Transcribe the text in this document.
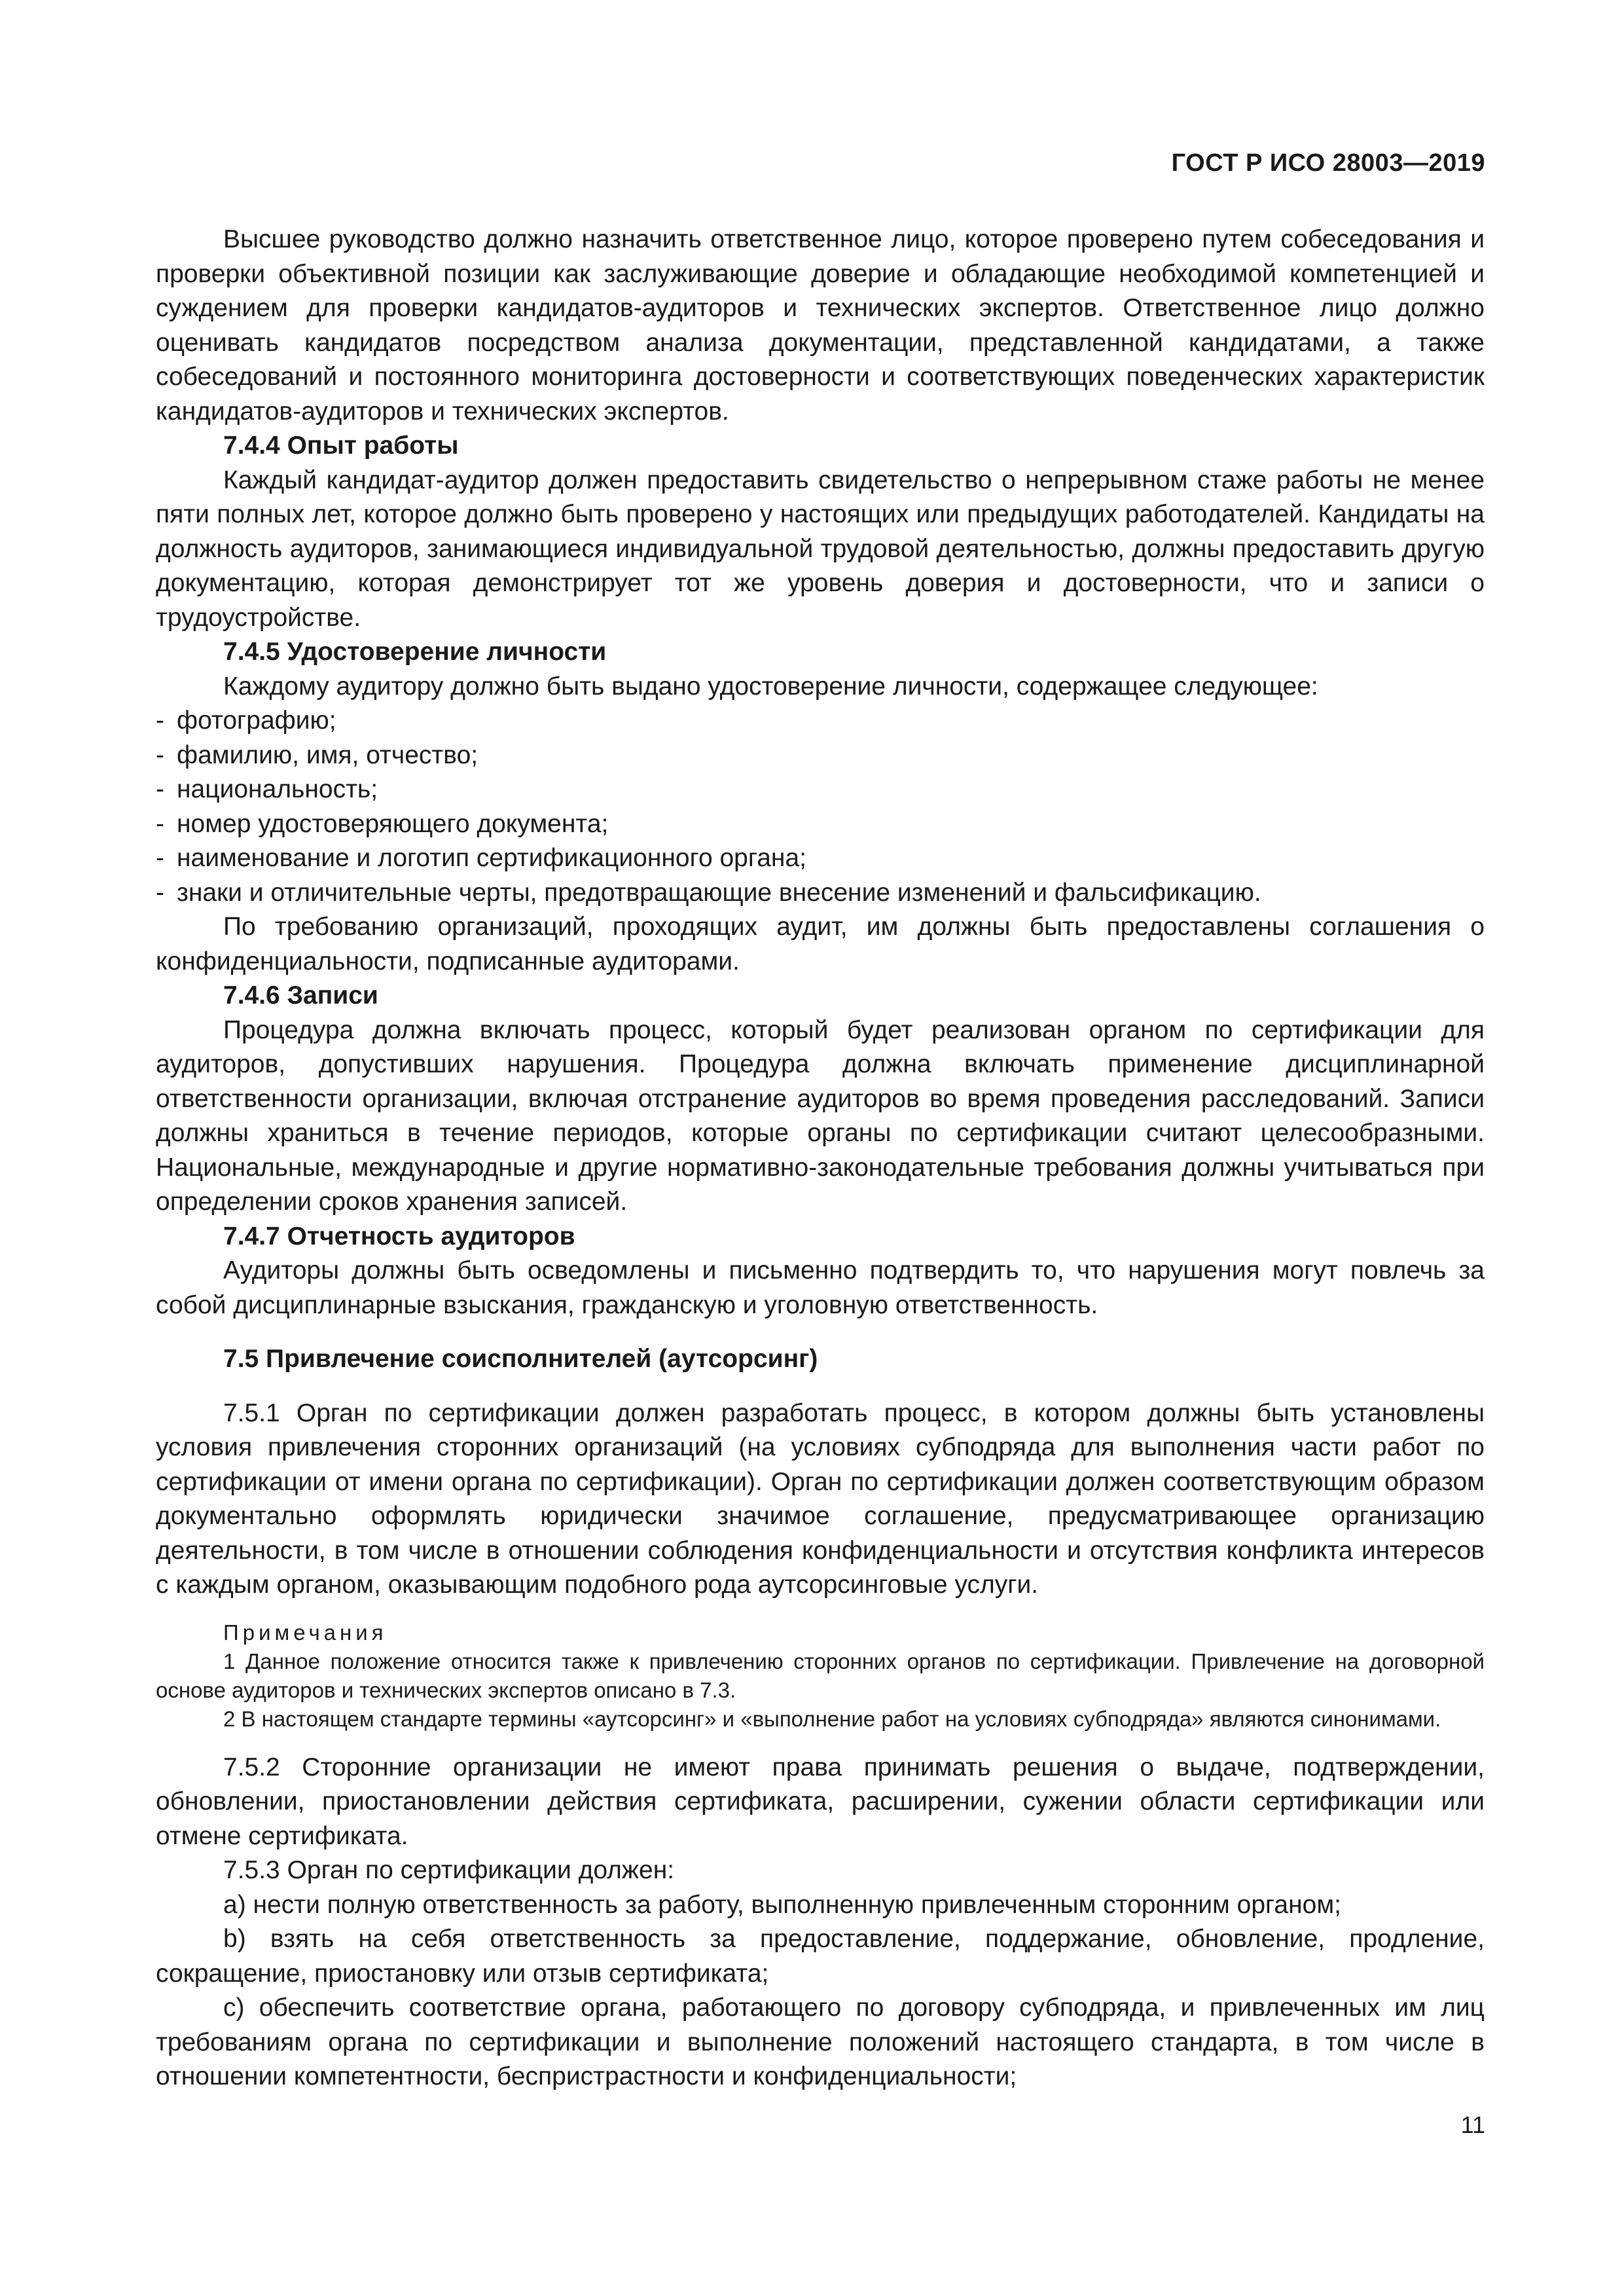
ГОСТ Р ИСО 28003—2019

Высшее руководство должно назначить ответственное лицо, которое проверено путем собеседования и проверки объективной позиции как заслуживающие доверие и обладающие необходимой компетенцией и суждением для проверки кандидатов-аудиторов и технических экспертов. Ответственное лицо должно оценивать кандидатов посредством анализа документации, представленной кандидатами, а также собеседований и постоянного мониторинга достоверности и соответствующих поведенческих характеристик кандидатов-аудиторов и технических экспертов.

7.4.4 Опыт работы

Каждый кандидат-аудитор должен предоставить свидетельство о непрерывном стаже работы не менее пяти полных лет, которое должно быть проверено у настоящих или предыдущих работодателей. Кандидаты на должность аудиторов, занимающиеся индивидуальной трудовой деятельностью, должны предоставить другую документацию, которая демонстрирует тот же уровень доверия и достоверности, что и записи о трудоустройстве.

7.4.5 Удостоверение личности

Каждому аудитору должно быть выдано удостоверение личности, содержащее следующее:

- фотографию;
- фамилию, имя, отчество;
- национальность;
- номер удостоверяющего документа;
- наименование и логотип сертификационного органа;
- знаки и отличительные черты, предотвращающие внесение изменений и фальсификацию.

По требованию организаций, проходящих аудит, им должны быть предоставлены соглашения о конфиденциальности, подписанные аудиторами.

7.4.6 Записи

Процедура должна включать процесс, который будет реализован органом по сертификации для аудиторов, допустивших нарушения. Процедура должна включать применение дисциплинарной ответственности организации, включая отстранение аудиторов во время проведения расследований. Записи должны храниться в течение периодов, которые органы по сертификации считают целесообразными. Национальные, международные и другие нормативно-законодательные требования должны учитываться при определении сроков хранения записей.

7.4.7 Отчетность аудиторов

Аудиторы должны быть осведомлены и письменно подтвердить то, что нарушения могут повлечь за собой дисциплинарные взыскания, гражданскую и уголовную ответственность.

7.5 Привлечение соисполнителей (аутсорсинг)

7.5.1 Орган по сертификации должен разработать процесс, в котором должны быть установлены условия привлечения сторонних организаций (на условиях субподряда для выполнения части работ по сертификации от имени органа по сертификации). Орган по сертификации должен соответствующим образом документально оформлять юридически значимое соглашение, предусматривающее организацию деятельности, в том числе в отношении соблюдения конфиденциальности и отсутствия конфликта интересов с каждым органом, оказывающим подобного рода аутсорсинговые услуги.

Примечания

1 Данное положение относится также к привлечению сторонних органов по сертификации. Привлечение на договорной основе аудиторов и технических экспертов описано в 7.3.

2 В настоящем стандарте термины «аутсорсинг» и «выполнение работ на условиях субподряда» являются синонимами.

7.5.2 Сторонние организации не имеют права принимать решения о выдаче, подтверждении, обновлении, приостановлении действия сертификата, расширении, сужении области сертификации или отмене сертификата.

7.5.3 Орган по сертификации должен:

a) нести полную ответственность за работу, выполненную привлеченным сторонним органом;

b) взять на себя ответственность за предоставление, поддержание, обновление, продление, сокращение, приостановку или отзыв сертификата;

c) обеспечить соответствие органа, работающего по договору субподряда, и привлеченных им лиц требованиям органа по сертификации и выполнение положений настоящего стандарта, в том числе в отношении компетентности, беспристрастности и конфиденциальности;

11
